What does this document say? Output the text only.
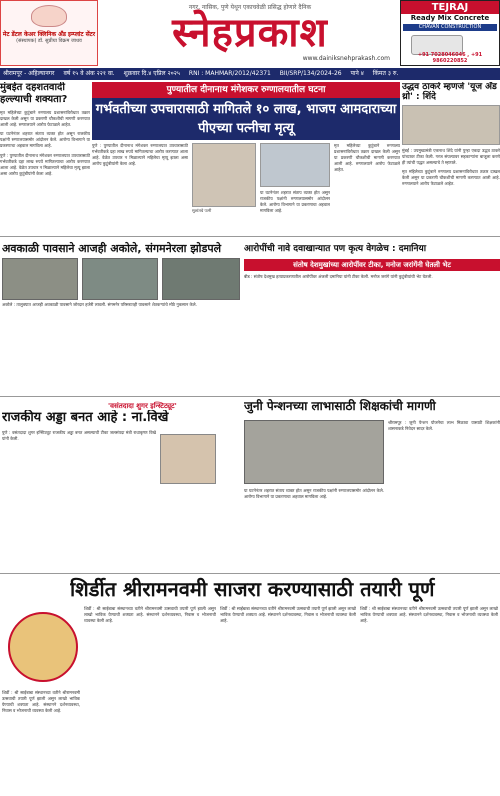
मेट डेंटल केअर क्लिनिक अँड इम्प्लांट सेंटर
(संस्थापक) डॉ. सुप्रीया विक्रम जाधव
नगर, नासिक, पुणे येथून एकाचवेळी प्रसिद्ध होणारे दैनिक
स्नेहप्रकाश
www.dainiksnehprakash.com
TEJRAJ
Ready Mix Concrete
CHAVAN CONSTRUCTION
+91 7028046046 , +91 9860220852
श्रीरामपूर - अहिल्यानगर वर्ष १५ वे अंक २२१ वा. शुक्रवार दि.४ एप्रिल २०२५ RNI : MAHMAR/2012/42371 BII/SRP/134/2024-26 पाने ४ किंमत ३ रु.
मुंबईत दहशतवादी हल्ल्याची शक्यता?
मृत महिलेच्या कुटुंबाने रुग्णालय प्रशासनाविरोधात तक्रार दाखल केली असून या प्रकरणी चौकशीची मागणी करण्यात आली आहे. रुग्णालयाने आरोप फेटाळले आहेत.
या घटनेनंतर शहरात संताप व्यक्त होत असून राजकीय पक्षांनी रुग्णालयासमोर आंदोलन केले. आरोग्य विभागाने या प्रकरणाचा अहवाल मागविला आहे.
पुणे : पुण्यातील दीनानाथ मंगेशकर रुग्णालयात उपचारासाठी गर्भवतीकडे दहा लाख रुपये मागितल्याचा आरोप करण्यात आला आहे. वेळेत उपचार न मिळाल्याने महिलेचा मृत्यू झाला असा आरोप कुटुंबीयांनी केला आहे.
पुण्यातील दीनानाथ मंगेशकर रुग्णालयातील घटना
गर्भवतीच्या उपचारासाठी मागितले १० लाख, भाजप आमदाराच्या पीएच्या पत्नीचा मृत्यू
पुणे : पुण्यातील दीनानाथ मंगेशकर रुग्णालयात उपचारासाठी गर्भवतीकडे दहा लाख रुपये मागितल्याचा आरोप करण्यात आला आहे. वेळेत उपचार न मिळाल्याने महिलेचा मृत्यू झाला असा आरोप कुटुंबीयांनी केला आहे.
सुशांतचे पत्नी
मृत महिलेच्या कुटुंबाने रुग्णालय प्रशासनाविरोधात तक्रार दाखल केली असून या प्रकरणी चौकशीची मागणी करण्यात आली आहे. रुग्णालयाने आरोप फेटाळले आहेत.
या घटनेनंतर शहरात संताप व्यक्त होत असून राजकीय पक्षांनी रुग्णालयासमोर आंदोलन केले. आरोग्य विभागाने या प्रकरणाचा अहवाल मागविला आहे.
उद्धव ठाकरे म्हणजे 'यूज अँड थ्रो' : शिंदे
मुंबई : उपमुख्यमंत्री एकनाथ शिंदे यांनी पुन्हा एकदा उद्धव ठाकरे यांच्यावर टीका केली. गरज संपल्यावर सहकाऱ्यांना बाजूला करणे ही त्यांची पद्धत असल्याचे ते म्हणाले.
मृत महिलेच्या कुटुंबाने रुग्णालय प्रशासनाविरोधात तक्रार दाखल केली असून या प्रकरणी चौकशीची मागणी करण्यात आली आहे. रुग्णालयाने आरोप फेटाळले आहेत.
अवकाळी पावसाने आजही अकोले, संगमनेरला झोडपले
अकोले : तालुक्यात आजही अवकाळी पावसाने जोरदार हजेरी लावली. संगमनेर परिसरातही पावसाने शेतकऱ्यांचे मोठे नुकसान केले.
आरोपींची नावे दवाखान्यात पण कृत्य वेगळेच : दमानिया
संतोष देशमुखांच्या आरोपींवर टीका, मनोज जरांगेंनी घेतली भेट
बीड : संतोष देशमुख हत्याप्रकरणातील आरोपींवर अंजली दमानिया यांनी टीका केली. मनोज जरांगे यांनी कुटुंबीयांची भेट घेतली.
'वसंतदादा शुगर इन्स्टिट्यूट'
राजकीय अड्डा बनत आहे : ना.विखे
पुणे : वसंतदादा शुगर इन्स्टिट्यूट राजकीय अड्डा बनत असल्याची टीका जलसंपदा मंत्री राधाकृष्ण विखे यांनी केली.
जुनी पेन्शनच्या लाभासाठी शिक्षकांची मागणी
श्रीरामपूर : जुनी पेन्शन योजनेचा लाभ मिळावा यासाठी शिक्षकांनी शासनाकडे निवेदन सादर केले.
या घटनेनंतर शहरात संताप व्यक्त होत असून राजकीय पक्षांनी रुग्णालयासमोर आंदोलन केले. आरोग्य विभागाने या प्रकरणाचा अहवाल मागविला आहे.
शिर्डीत श्रीरामनवमी साजरा करण्यासाठी तयारी पूर्ण
शिर्डी : श्री साईबाबा संस्थानच्या वतीने श्रीरामनवमी उत्सवाची तयारी पूर्ण झाली असून लाखो भाविक येण्याची शक्यता आहे. संस्थानने दर्शनव्यवस्था, निवास व भोजनाची व्यवस्था केली आहे.
शिर्डी : श्री साईबाबा संस्थानच्या वतीने श्रीरामनवमी उत्सवाची तयारी पूर्ण झाली असून लाखो भाविक येण्याची शक्यता आहे. संस्थानने दर्शनव्यवस्था, निवास व भोजनाची व्यवस्था केली आहे.
शिर्डी : श्री साईबाबा संस्थानच्या वतीने श्रीरामनवमी उत्सवाची तयारी पूर्ण झाली असून लाखो भाविक येण्याची शक्यता आहे. संस्थानने दर्शनव्यवस्था, निवास व भोजनाची व्यवस्था केली आहे.
शिर्डी : श्री साईबाबा संस्थानच्या वतीने श्रीरामनवमी उत्सवाची तयारी पूर्ण झाली असून लाखो भाविक येण्याची शक्यता आहे. संस्थानने दर्शनव्यवस्था, निवास व भोजनाची व्यवस्था केली आहे.
